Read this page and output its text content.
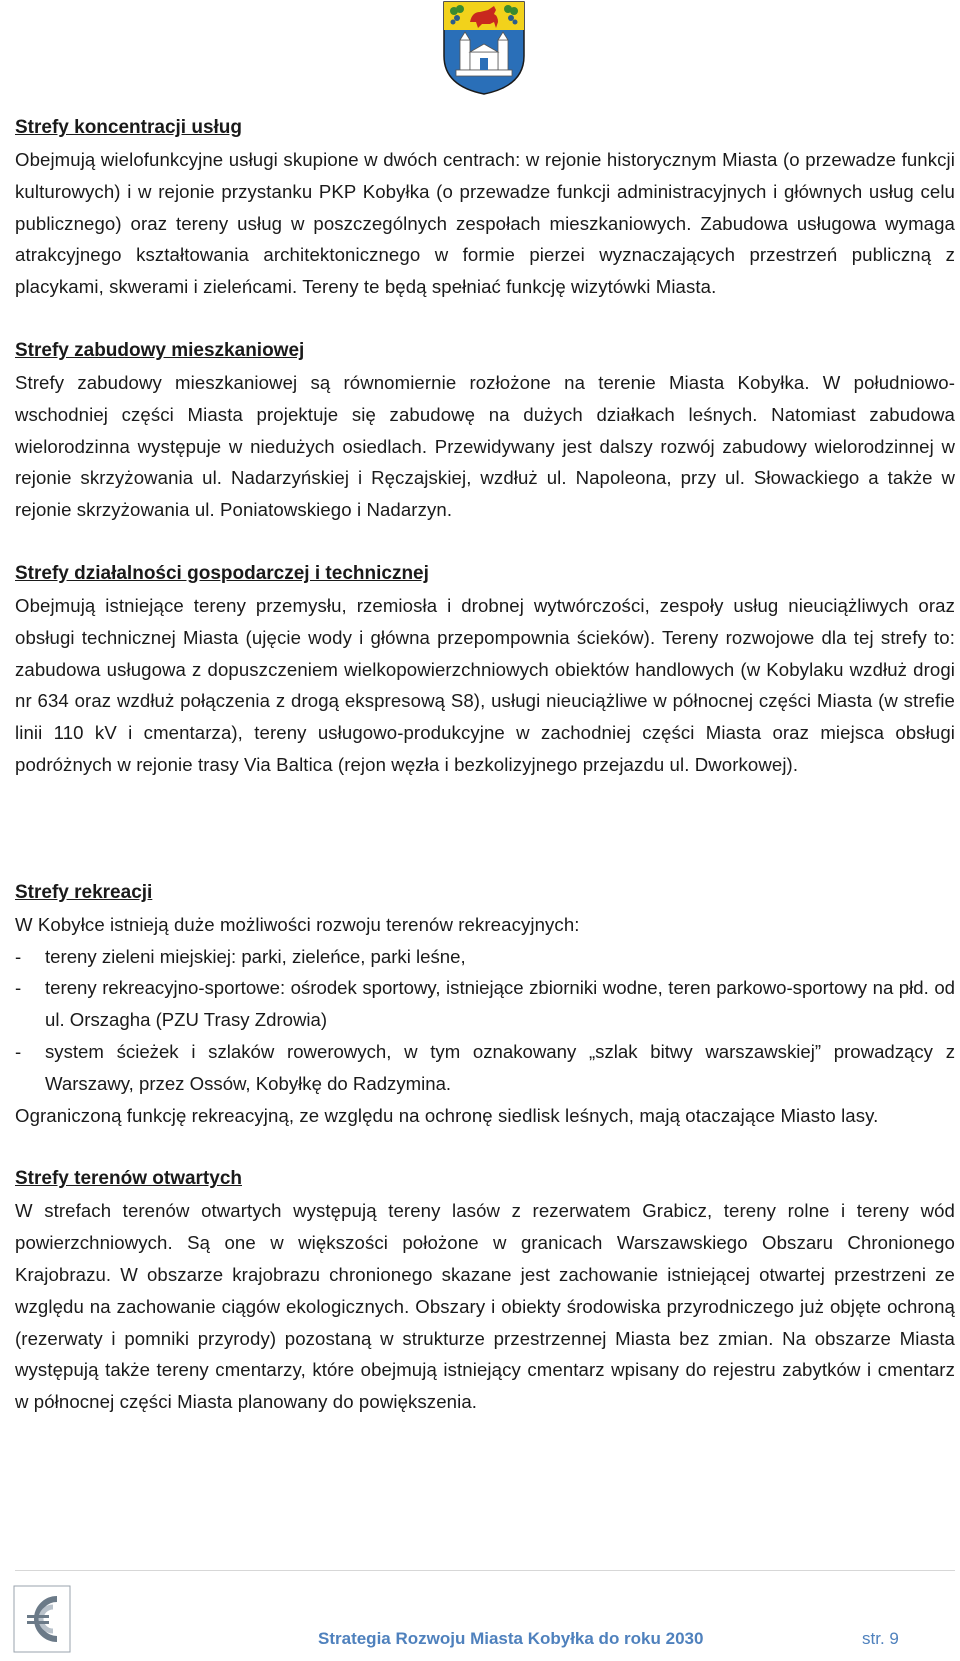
Strefy koncentracji usług

Obejmują wielofunkcyjne usługi skupione w dwóch centrach: w rejonie historycznym Miasta (o przewadze funkcji kulturowych) i w rejonie przystanku PKP Kobyłka (o przewadze funkcji administracyjnych i głównych usług celu publicznego) oraz tereny usług w poszczególnych zespołach mieszkaniowych. Zabudowa usługowa wymaga atrakcyjnego kształtowania architektonicznego w formie pierzei wyznaczających przestrzeń publiczną z placykami, skwerami i zieleńcami. Tereny te będą spełniać funkcję wizytówki Miasta.

Strefy zabudowy mieszkaniowej

Strefy zabudowy mieszkaniowej są równomiernie rozłożone na terenie Miasta Kobyłka. W południowo-wschodniej części Miasta projektuje się zabudowę na dużych działkach leśnych. Natomiast zabudowa wielorodzinna występuje w niedużych osiedlach. Przewidywany jest dalszy rozwój zabudowy wielorodzinnej w rejonie skrzyżowania ul. Nadarzyńskiej i Ręczajskiej, wzdłuż ul. Napoleona, przy ul. Słowackiego a także w rejonie skrzyżowania ul. Poniatowskiego i Nadarzyn.

Strefy działalności gospodarczej i technicznej

Obejmują istniejące tereny przemysłu, rzemiosła i drobnej wytwórczości, zespoły usług nieuciążliwych oraz obsługi technicznej Miasta (ujęcie wody i główna przepompownia ścieków). Tereny rozwojowe dla tej strefy to: zabudowa usługowa z dopuszczeniem wielkopowierzchniowych obiektów handlowych (w Kobylaku wzdłuż drogi nr 634 oraz wzdłuż połączenia z drogą ekspresową S8), usługi nieuciążliwe w północnej części Miasta (w strefie linii 110 kV i cmentarza), tereny usługowo-produkcyjne w zachodniej części Miasta oraz miejsca obsługi podróżnych w rejonie trasy Via Baltica (rejon węzła i bezkolizyjnego przejazdu ul. Dworkowej).

Strefy rekreacji

W Kobyłce istnieją duże możliwości rozwoju terenów rekreacyjnych:

- tereny zieleni miejskiej: parki, zieleńce, parki leśne,
- tereny rekreacyjno-sportowe: ośrodek sportowy, istniejące zbiorniki wodne, teren parkowo-sportowy na płd. od ul. Orszagha (PZU Trasy Zdrowia)
- system ścieżek i szlaków rowerowych, w tym oznakowany „szlak bitwy warszawskiej” prowadzący z Warszawy, przez Ossów, Kobyłkę do Radzymina.

Ograniczoną funkcję rekreacyjną, ze względu na ochronę siedlisk leśnych, mają otaczające Miasto lasy.

Strefy terenów otwartych

W strefach terenów otwartych występują tereny lasów z rezerwatem Grabicz, tereny rolne i tereny wód powierzchniowych. Są one w większości położone w granicach Warszawskiego Obszaru Chronionego Krajobrazu. W obszarze krajobrazu chronionego skazane jest zachowanie istniejącej otwartej przestrzeni ze względu na zachowanie ciągów ekologicznych. Obszary i obiekty środowiska przyrodniczego już objęte ochroną (rezerwaty i pomniki przyrody) pozostaną w strukturze przestrzennej Miasta bez zmian. Na obszarze Miasta występują także tereny cmentarzy, które obejmują istniejący cmentarz wpisany do rejestru zabytków i cmentarz w północnej części Miasta planowany do powiększenia.

Strategia Rozwoju Miasta Kobyłka do roku 2030	str. 9
